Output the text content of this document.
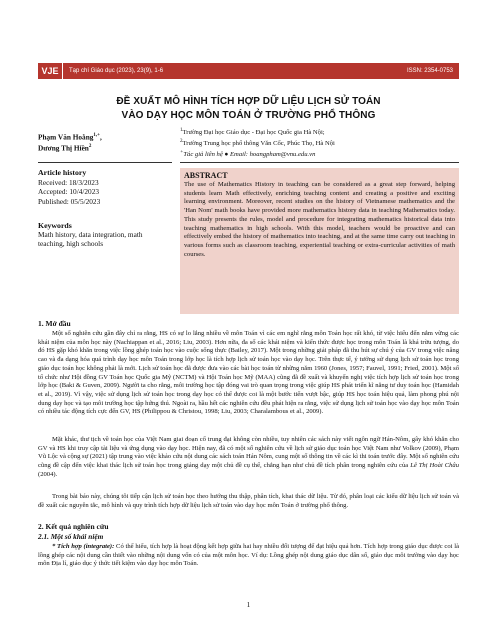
VJE	Tạp chí Giáo dục (2023), 23(9), 1-6	ISSN: 2354-0753
ĐỀ XUẤT MÔ HÌNH TÍCH HỢP DỮ LIỆU LỊCH SỬ TOÁN
VÀO DẠY HỌC MÔN TOÁN Ở TRƯỜNG PHỔ THÔNG
Phạm Văn Hoằng$^{1,+}$,
Dương Thị Hiền$^2$
$^1$Trường Đại học Giáo dục - Đại học Quốc gia Hà Nội;
$^2$Trường Trung học phổ thông Văn Cốc, Phúc Thọ, Hà Nội
+Tác giả liên hệ ● Email: hoangpham@vnu.edu.vn
Article history
Received: 18/3/2023
Accepted: 10/4/2023
Published: 05/5/2023
Keywords
Math history, data integration, math teaching, high schools
ABSTRACT
The use of Mathematics History in teaching can be considered as a great step forward, helping students learn Math effectively, enriching teaching content and creating a positive and exciting learning environment. Moreover, recent studies on the history of Vietnamese mathematics and the 'Han Nom' math books have provided more mathematics history data in teaching Mathematics today. This study presents the rules, model and procedure for integrating mathematics historical data into teaching mathematics in high schools. With this model, teachers would be proactive and can effectively embed the history of mathematics into teaching, and at the same time carry out teaching in various forms such as classroom teaching, experiential teaching or extra-curricular activities of math courses.
1. Mở đầu
Một số nghiên cứu gần đây chỉ ra rằng, HS có sự lo lắng nhiều về môn Toán vì các em nghĩ rằng môn Toán học rất khó, từ việc hiểu đến nắm vững các khái niệm của môn học này (Nachiappan et al., 2016; Liu, 2003). Hơn nữa, đa số các khái niệm và kiến thức được học trong môn Toán là khá trừu tượng, do đó HS gặp khó khăn trong việc lồng ghép toán học vào cuộc sống thực (Bailey, 2017). Một trong những giải pháp đã thu hút sự chú ý của GV trong việc nâng cao và đa dạng hóa quá trình dạy học môn Toán trong lớp học là tích hợp lịch sử toán học vào dạy học. Trên thực tế, ý tưởng sử dụng lịch sử toán học trong giáo dục toán học không phải là mới. Lịch sử toán học đã được đưa vào các bài học toán từ những năm 1960 (Jones, 1957; Fauvel, 1991; Fried, 2001). Một số tổ chức như Hội đồng GV Toán học Quốc gia Mỹ (NCTM) và Hội Toán học Mỹ (MAA) cũng đã đề xuất và khuyến nghị việc tích hợp lịch sử toán học trong lớp học (Baki & Guven, 2009). Người ta cho rằng, môi trường học tập đóng vai trò quan trọng trong việc giúp HS phát triển kĩ năng tư duy toán học (Hamidah et al., 2019). Vì vậy, việc sử dụng lịch sử toán học trong dạy học có thể được coi là một bước tiến vượt bậc, giúp HS học toán hiệu quả, làm phong phú nội dung dạy học và tạo môi trường học tập hứng thú. Ngoài ra, hầu hết các nghiên cứu đều phát hiện ra rằng, việc sử dụng lịch sử toán học vào dạy học môn Toán có nhiều tác động tích cực đến GV, HS (Philippou & Christou, 1998; Liu, 2003; Charalambous et al., 2009).
Mặt khác, thư tịch về toán học của Việt Nam giai đoạn cổ trung đại không còn nhiều, tuy nhiên các sách này viết ngôn ngữ Hán-Nôm, gây khó khăn cho GV và HS khi truy cập tài liệu và ứng dụng vào dạy học. Hiện nay, đã có một số nghiên cứu về lịch sử giáo dục toán học Việt Nam như Volkov (2009), Phạm Vũ Lộc và cộng sự (2021) tập trung vào việc khảo cứu nội dung các sách toán Hán Nôm, cung một số thông tin về các kì thi toán trước đây. Một số nghiên cứu cũng đề cập đến việc khai thác lịch sử toán học trong giảng dạy một chủ đề cụ thể, chẳng hạn như chủ đề tích phân trong nghiên cứu của Lê Thị Hoài Châu (2004).
Trong bài báo này, chúng tôi tiếp cận lịch sử toán học theo hướng thu thập, phân tích, khai thác dữ liệu. Từ đó, phân loại các kiểu dữ liệu lịch sử toán và đề xuất các nguyên tắc, mô hình và quy trình tích hợp dữ liệu lịch sử toán vào dạy học môn Toán ở trường phổ thông.
2. Kết quả nghiên cứu
2.1. Một số khái niệm
* Tích hợp (integrate): Có thể hiểu, tích hợp là hoạt động kết hợp giữa hai hay nhiều đối tượng để đạt hiệu quả hơn. Tích hợp trong giáo dục được coi là lồng ghép các nội dung cần thiết vào những nội dung vốn có của một môn học. Ví dụ: Lồng ghép nội dung giáo dục dân số, giáo dục môi trường vào dạy học môn Địa lí, giáo dục ý thức tiết kiệm vào dạy học môn Toán.
1
